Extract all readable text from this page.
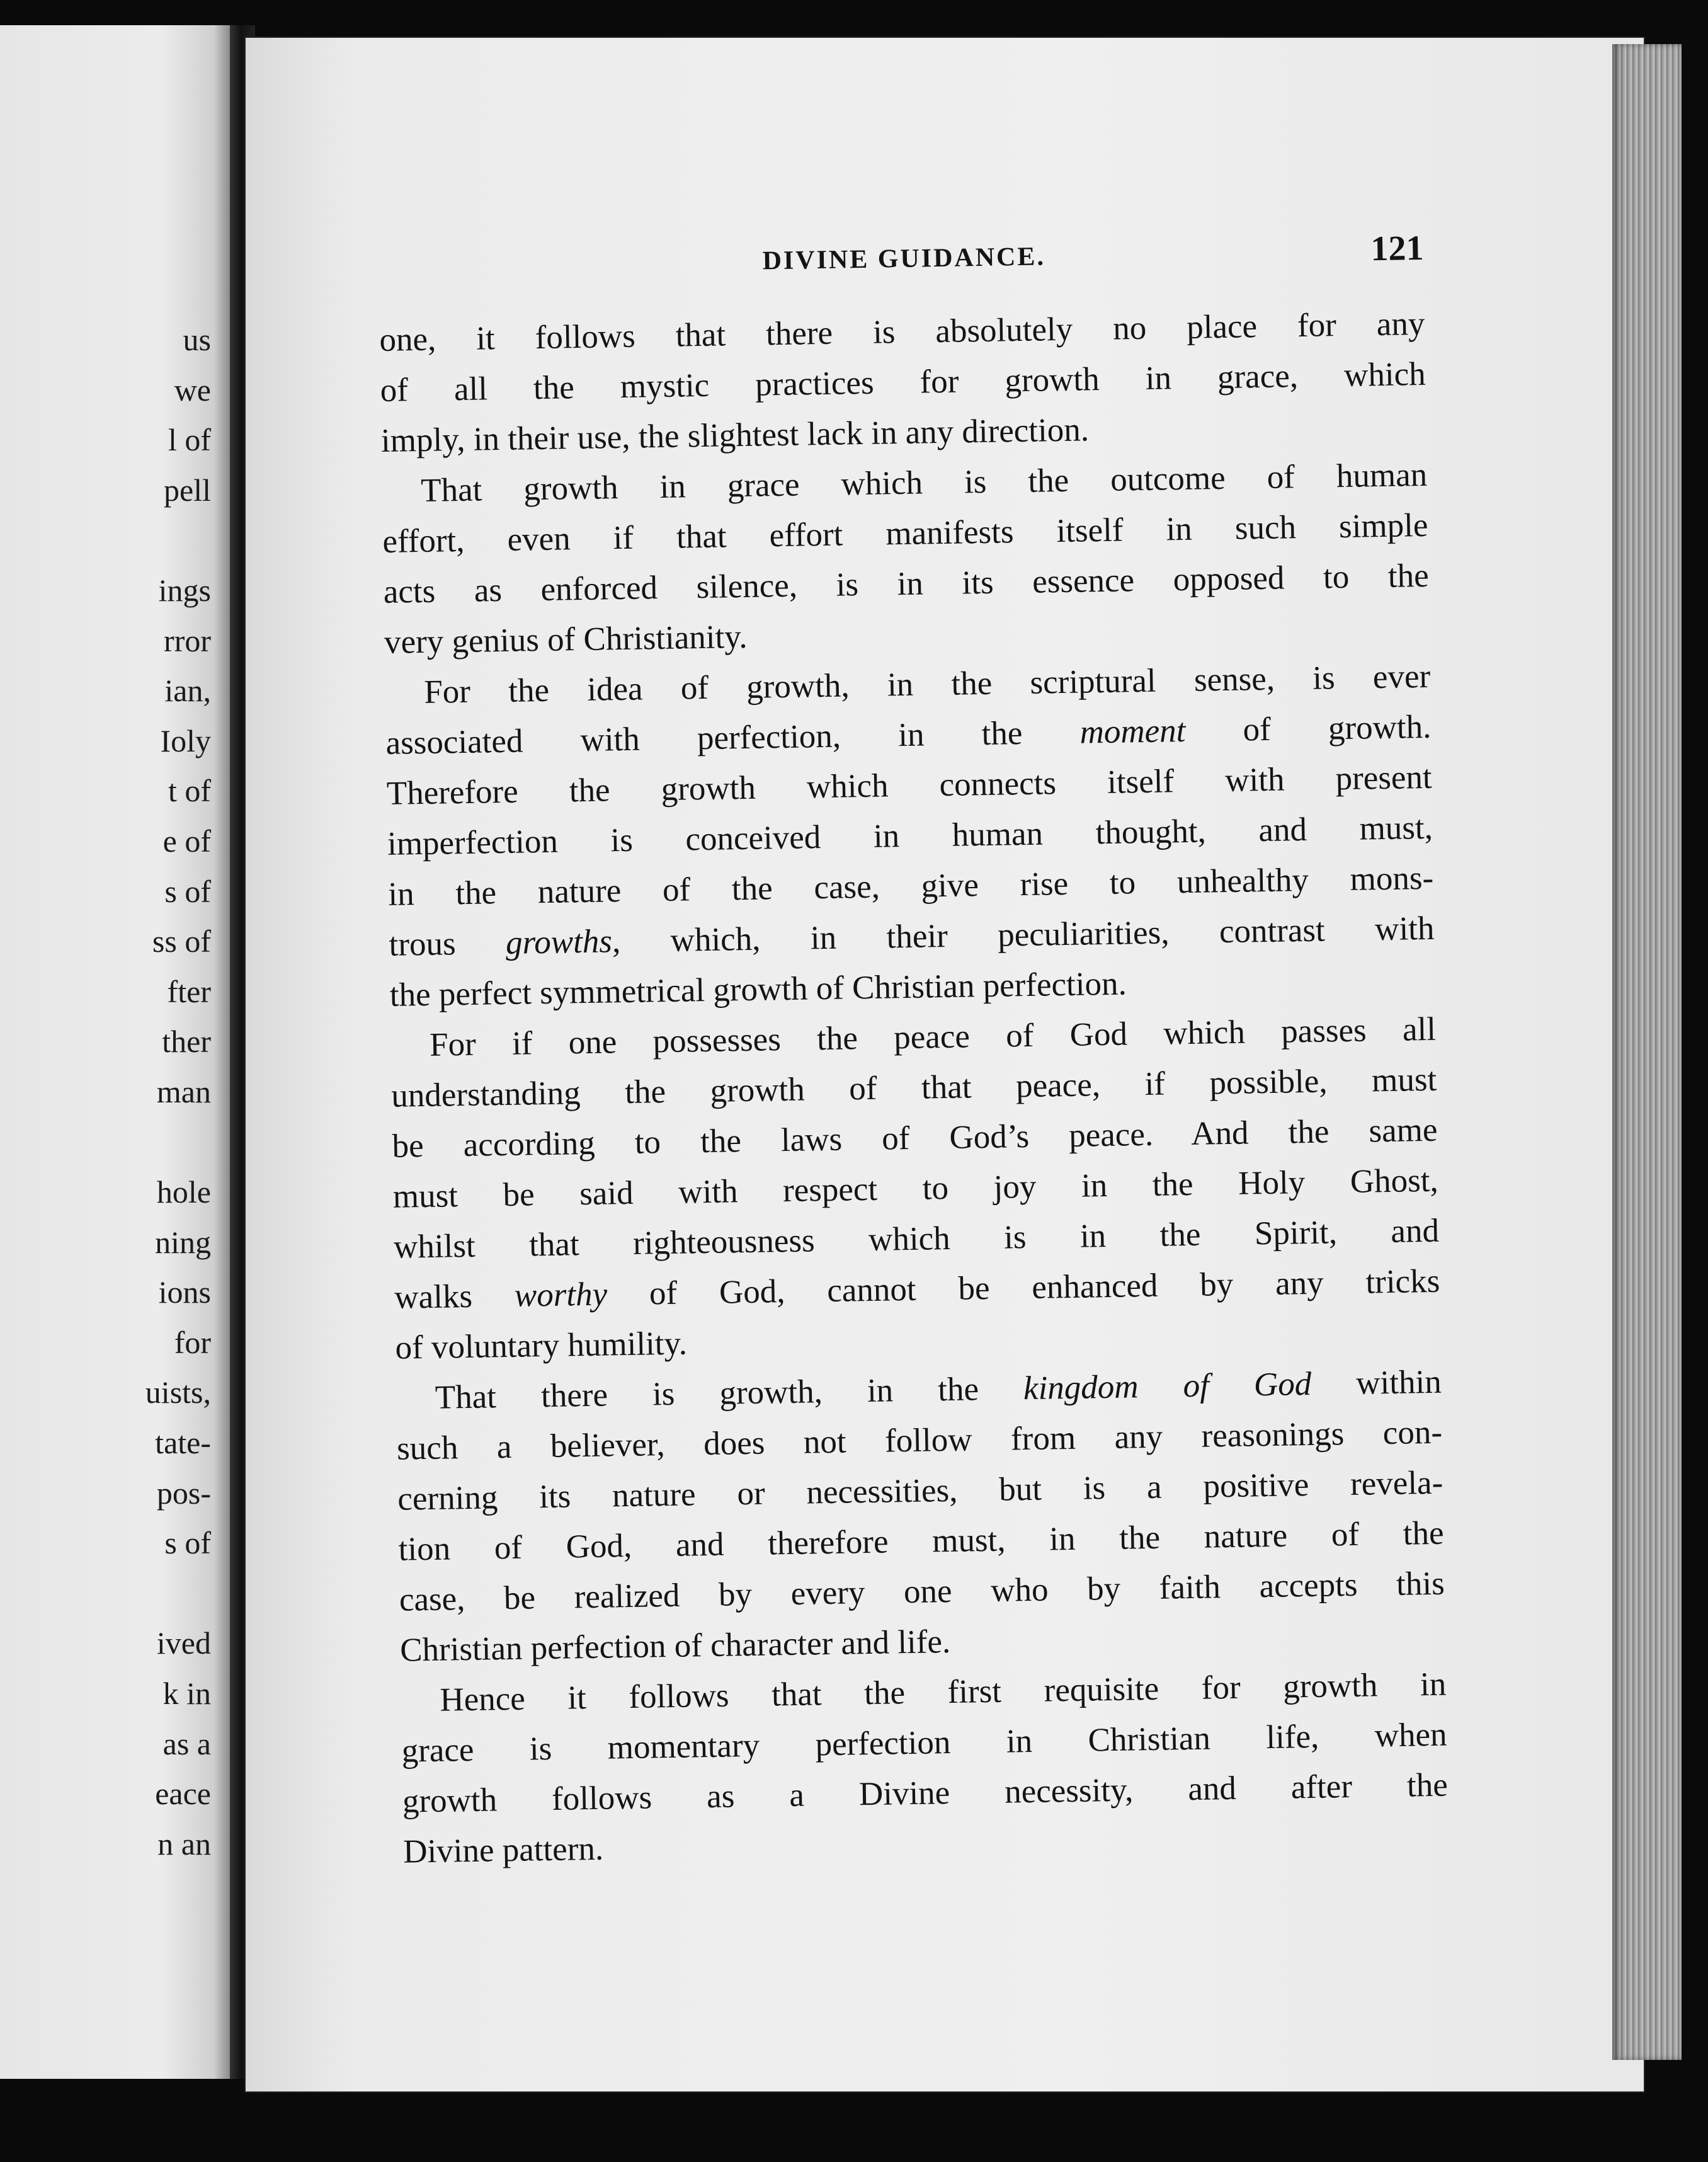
us
we
l of
pell

ings
rror
ian,
Ioly
t of
e of
s of
ss of
fter
ther
man

hole
ning
ions
for
uists,
tate-
pos-
s of

ived
k in
as a
eace
n an
DIVINE GUIDANCE.	121
one, it follows that there is absolutely no place for any
of all the mystic practices for growth in grace, which
imply, in their use, the slightest lack in any direction.
That growth in grace which is the outcome of human
effort, even if that effort manifests itself in such simple
acts as enforced silence, is in its essence opposed to the
very genius of Christianity.
For the idea of growth, in the scriptural sense, is ever
associated with perfection, in the moment of growth.
Therefore the growth which connects itself with present
imperfection is conceived in human thought, and must,
in the nature of the case, give rise to unhealthy mons-
trous growths, which, in their peculiarities, contrast with
the perfect symmetrical growth of Christian perfection.
For if one possesses the peace of God which passes all
understanding the growth of that peace, if possible, must
be according to the laws of God’s peace. And the same
must be said with respect to joy in the Holy Ghost,
whilst that righteousness which is in the Spirit, and
walks worthy of God, cannot be enhanced by any tricks
of voluntary humility.
That there is growth, in the kingdom of God within
such a believer, does not follow from any reasonings con-
cerning its nature or necessities, but is a positive revela-
tion of God, and therefore must, in the nature of the
case, be realized by every one who by faith accepts this
Christian perfection of character and life.
Hence it follows that the first requisite for growth in
grace is momentary perfection in Christian life, when
growth follows as a Divine necessity, and after the
Divine pattern.
